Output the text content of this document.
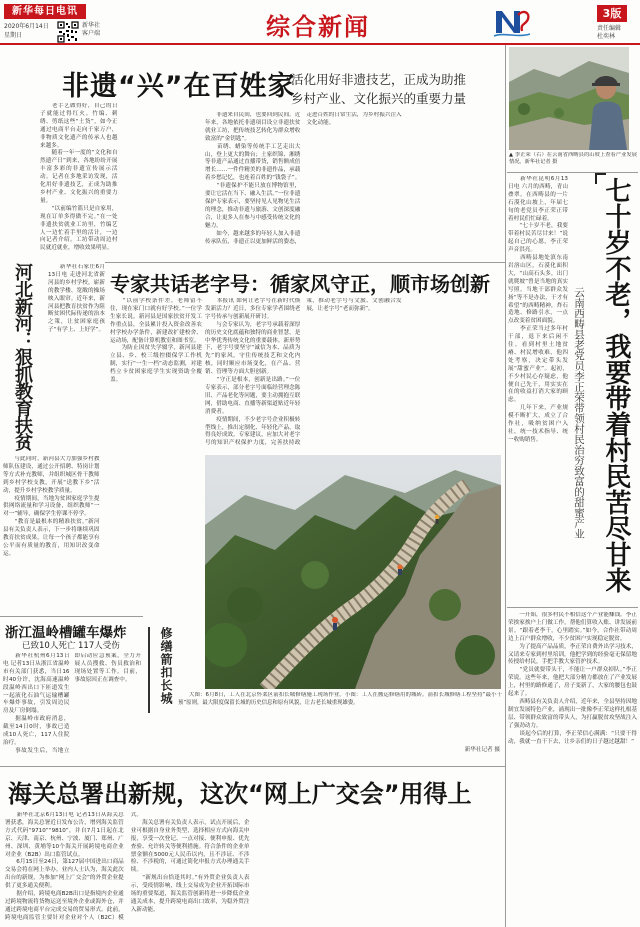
新华每日电讯
2020年6月14日
星期日
新华社
客户端	综合新闻	3版
责任编辑
杜奕林
非遗“兴”在百姓家
活化用好非遗技艺，正成为助推
乡村产业、文化振兴的重要力量
　　老手艺做得好，自己的日子就能过得红火。竹编、刺绣、剪纸这些“土货”，如今正通过电商平台走向千家万户，非物质文化遗产的传承人也越来越多。
　　随着一年一度的“文化和自然遗产日”到来，各地纷纷开展丰富多彩的非遗宣传展示活动。记者在多地采访发现，活化用好非遗技艺，正成为助推乡村产业、文化振兴的重要力量。
　　“以前编竹篮只是自家用，现在订单多得做不完。”在一处非遗扶贫就业工坊里，竹编艺人一边忙着手里的活计，一边向记者介绍。工坊带动周边村民就近就业，增收效果明显。
　　非遗来自民间，也要回到民间。近年来，各地依托非遗项目设立非遗扶贫就业工坊，把传统技艺转化为群众增收致富的“金钥匙”。
　　苗绣、蜡染等传统手工艺走出大山，登上更大的舞台；土家织锦、湘绣等非遗产品通过直播带货，销售额成倍增长……一件件精美的非遗作品，承载着乡愁记忆，也连着百姓的“钱袋子”。
　　“非遗保护不能只放在博物馆里，要让它活在当下、融入生活。”一位非遗保护专家表示，要坚持见人见物见生活的理念，推动非遗与旅游、文创深度融合，让更多人在参与中感受传统文化的魅力。
　　如今，越来越多的年轻人加入非遗传承队伍，非遗正以更加鲜活的姿态，走进百姓的日常生活，为乡村振兴注入文化动能。
河北新河：狠抓教育扶贫	　　新华社石家庄6月13日电 走进河北省新河县的乡村学校，崭新的教学楼、宽敞的操场映入眼帘。近年来，新河县把教育扶贫作为阻断贫困代际传递的治本之策，让贫困家庭孩子“有学上、上好学”。
　　“以前学校条件差，老师留不住，现在家门口就有好学校。”一位学生家长说。新河县是国家扶贫开发工作重点县，全县累计投入资金改善农村学校办学条件，新建改扩建校舍、运动场，配备计算机教室和图书室。
　　为防止因贫失学辍学，新河县建立县、乡、校三级控辍保学工作机制，实行“一生一档”动态监测，对建档立卡贫困家庭学生实现资助全覆盖。
　　与此同时，新河县大力加强乡村教师队伍建设，通过公开招聘、特岗计划等方式补充教师，并组织城区骨干教师到乡村学校支教，开展“送教下乡”活动，提升乡村学校教学质量。
　　疫情期间，当地为贫困家庭学生提供网络流量和学习设备，组织教师“一对一”辅导，确保学生停课不停学。
　　“教育是最根本的精准扶贫。”新河县有关负责人表示，下一步将继续巩固教育扶贫成果，让每一个孩子都能享有公平而有质量的教育，用知识改变命运。
浙江温岭槽罐车爆炸
已致10人死亡 117人受伤
　　新华社杭州6月13日电 记者13日从浙江省温岭市有关部门获悉，当日16时40分许，沈海高速温岭段温岭西出口下匝道发生一起液化石油气运输槽罐车爆炸事故，引发周边民房及厂房倒塌。
　　据温岭市政府消息，截至14日0时，事故已造成10人死亡，117人住院治疗。
　　事故发生后，当地立即启动应急预案，全力开展人员搜救、伤员救治和现场处置等工作。目前，事故原因正在调查中。
专家共话老字号：循家风守正，顺市场创新
　　本报讯 如何让老字号在新时代焕发新活力？近日，多位专家学者围绕老字号传承与创新展开研讨。
　　与会专家认为，老字号承载着深厚的历史文化底蕴和独特的商业智慧，是中华优秀传统文化的重要载体。新形势下，老字号要坚守“诚信为本、品质为先”的家风，守住传统技艺和文化内核，同时顺应市场变化，在产品、营销、管理等方面大胆创新。
　　“守正是根本，创新是出路。”一位专家表示，部分老字号面临经营理念陈旧、产品老化等问题，要主动拥抱互联网，借助电商、直播等新渠道贴近年轻消费者。
　　疫情期间，不少老字号企业积极转型线上，推出定制化、年轻化产品，取得良好成效。专家建议，应加大对老字号的知识产权保护力度，完善扶持政策，推动老字号与文旅、文创融合发展，让老字号“老而弥新”。
修缮箭扣长城 　　大图：6月8日，工人在北京怀柔区箭扣长城修缮施工现场作业。小图：工人在搬运修缮用的城砖。箭扣长城修缮工程坚持“最小干预”原则，最大限度保留长城的历史信息和原有风貌，让古老长城重现雄姿。
新华社记者 摄
▲ 李正荣（右）在云南省西畴县的山坡上查看产业发展情况。新华社记者 摄
　　新华社昆明6月13日电 六月的西畴，青山叠翠。在西畴县的一片石漠化山坡上，年届七旬的老党员李正荣正带着村民们忙碌着。
　　“七十岁不老，我要带着村民苦尽甘来！”说起自己的心愿，李正荣声音洪亮。
　　西畴县地处滇东南岩溶山区，石漠化面积大，“山高石头多，出门就爬坡”曾是当地的真实写照。当地干部群众发扬“等不是办法，干才有希望”的西畴精神，炸石造地、修路引水，一点点改变着贫困面貌。
　　李正荣当过多年村干部，退下来后闲不住。看到村里土地贫瘠、村民增收难，他四处考察，决定带头发展“甜蜜产业”。起初，不少村民心存疑虑，他便自己先干，用实实在在的收益打消大家的顾虑。
　　几年下来，产业规模不断扩大，成立了合作社，吸纳贫困户入社，统一技术指导、统一收购销售。	云南西畴县老党员李正荣带领村民治穷致富的甜蜜产业 七十岁不老，我要带着村民苦尽甘来
　　一开始，很多村民不相信这个产业能赚钱。李正荣挨家挨户上门做工作，帮他们算收入账、讲发展前景。“跟着老李干，心里踏实。”如今，合作社带动周边上百户群众增收，不少贫困户实现稳定脱贫。
　　为了提高产品品质，李正荣自费外出学习技术，又请来专家到村里培训。他把学到的经验毫无保留地传授给村民，手把手教大家管护技术。
　　“党员就要带头干，不能让一户群众掉队。”李正荣说。这些年来，他把大部分精力都放在了产业发展上，村里的路修通了，房子变新了，大家的腰包也鼓起来了。
　　西畴县有关负责人介绍，近年来，全县坚持因地制宜发展特色产业，涌现出一批像李正荣这样扎根基层、带领群众致富的带头人，为打赢脱贫攻坚战注入了强劲动力。
　　谈起今后的打算，李正荣信心满满：“只要干得动，我就一直干下去，让乡亲们的日子越过越甜！”
海关总署出新规，这次“网上广交会”用得上
　　新华社北京6月13日电 记者13日从海关总署获悉，海关总署近日发布公告，增列海关监管方式代码“9710”“9810”，并自7月1日起在北京、天津、南京、杭州、宁波、厦门、郑州、广州、深圳、黄埔等10个海关开展跨境电商企业对企业（B2B）出口监管试点。
　　6月15日至24日，第127届中国进出口商品交易会将在网上举办。业内人士认为，海关此次出台的新规，为参加“网上广交会”的外贸企业提供了更多通关便利。
　　据介绍，跨境电商B2B出口是指境内企业通过跨境物流将货物运送至境外企业或海外仓，并通过跨境电商平台完成交易的贸易形式。此前，跨境电商监管主要针对企业对个人（B2C）模式。
　　海关总署有关负责人表示，试点开展后，企业可根据自身业务类型，选择相应方式向海关申报，享受一次登记、一点对接、便利申报、优先查验、允许转关等便利措施。符合条件的企业单票金额在5000元人民币以内，且不涉证、不涉检、不涉税的，可通过简化申报方式办理通关手续。
　　“新规出台恰逢其时。”有外贸企业负责人表示，受疫情影响，线上交易成为企业开拓国际市场的重要渠道，海关监管创新将进一步降低企业通关成本，提升跨境电商出口效率，为稳外贸注入新动能。
